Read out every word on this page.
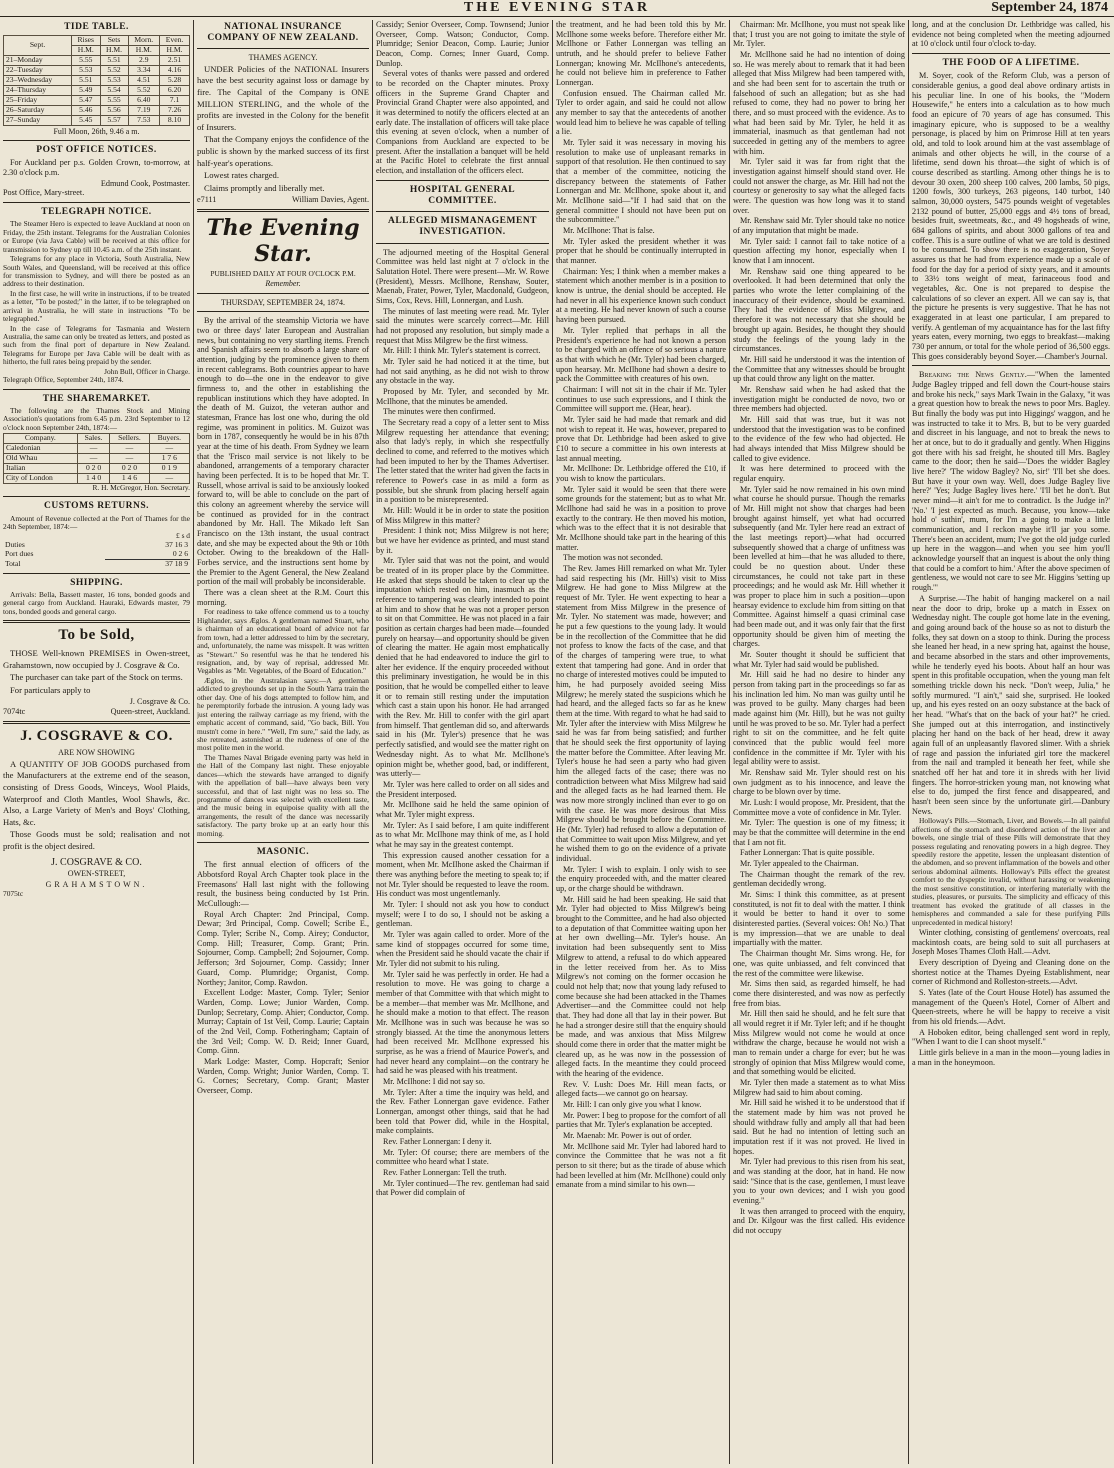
THE EVENING STAR	September 24, 1874
TIDE TABLE.
Sept.	Rises	Sets	Morn.	Even.
	H.M.	H.M.	H.M.	H.M.
21–Monday	5.55	5.51	2.9	2.51
22–Tuesday	5.53	5.52	3.34	4.16
23–Wednesday	5.51	5.53	4.51	5.28
24–Thursday	5.49	5.54	5.52	6.20
25–Friday	5.47	5.55	6.40	7.1
26–Saturday	5.46	5.56	7.19	7.26
27–Sunday	5.45	5.57	7.53	8.10
Full Moon, 26th, 9.46 a m.
POST OFFICE NOTICES.

For Auckland per p.s. Golden Crown, to-morrow, at 2.30 o'clock p.m.

Edmund Cook, Postmaster.

Post Office, Mary-street.

TELEGRAPH NOTICE.

The Steamer Hero is expected to leave Auckland at noon on Friday, the 25th instant. Telegrams for the Australian Colonies or Europe (via Java Cable) will be received at this office for transmission to Sydney up till 10.45 a.m. of the 25th instant.

Telegrams for any place in Victoria, South Australia, New South Wales, and Queensland, will be received at this office for transmission to Sydney, and will there be posted as an address to their destination.

In the first case, he will write in instructions, if to be treated as a letter, "To be posted;" in the latter, if to be telegraphed on arrival in Australia, he will state in instructions "To be telegraphed."

In the case of Telegrams for Tasmania and Western Australia, the same can only be treated as letters, and posted as such from the final port of departure in New Zealand. Telegrams for Europe per Java Cable will be dealt with as hitherto, the full rates being prepaid by the sender.

John Bull, Officer in Charge.

Telegraph Office, September 24th, 1874.

THE SHAREMARKET.

The following are the Thames Stock and Mining Association's quotations from 6.45 p.m. 23rd September to 12 o'clock noon September 24th, 1874:—

Company.	Sales.	Sellers.	Buyers.
Caledonian	—	—	—
Old Whau	—	—	1 7 6
Italian	0 2 0	0 2 0	0 1 9
City of London	1 4 0	1 4 6	—
R. H. McGregor, Hon. Secretary.
CUSTOMS RETURNS.

Amount of Revenue collected at the Port of Thames for the 24th September, 1874:—

£ s d
Duties	37 16 3
Port dues	0 2 6
Total	37 18 9
SHIPPING.

Arrivals: Bella, Bassett master, 16 tons, bonded goods and general cargo from Auckland. Hauraki, Edwards master, 79 tons, bonded goods and general cargo.

To be Sold,

THOSE Well-known PREMISES in Owen-street, Grahamstown, now occupied by J. Cosgrave & Co.

The purchaser can take part of the Stock on terms.

For particulars apply to

J. Cosgrave & Co.
7074tc	Queen-street, Auckland.
J. COSGRAVE & CO.
ARE NOW SHOWING

A QUANTITY OF JOB GOODS purchased from the Manufacturers at the extreme end of the season, consisting of Dress Goods, Winceys, Wool Plaids, Waterproof and Cloth Mantles, Wool Shawls, &c. Also, a Large Variety of Men's and Boys' Clothing, Hats, &c.

Those Goods must be sold; realisation and not profit is the object desired.

J. COSGRAVE & CO.
OWEN-STREET,
GRAHAMSTOWN.
7075tc
NATIONAL INSURANCE COMPANY OF NEW ZEALAND.
THAMES AGENCY.

UNDER Policies of the NATIONAL Insurers have the best security against loss or damage by fire. The Capital of the Company is ONE MILLION STERLING, and the whole of the profits are invested in the Colony for the benefit of Insurers.

That the Company enjoys the confidence of the public is shown by the marked success of its first half-year's operations.

Lowest rates charged.

Claims promptly and liberally met.

e7111	William Davies, Agent.
The Evening Star.
PUBLISHED DAILY AT FOUR O'CLOCK P.M.
Remember.
THURSDAY, SEPTEMBER 24, 1874.

By the arrival of the steamship Victoria we have two or three days' later European and Australian news, but containing no very startling items. French and Spanish affairs seem to absorb a large share of attention, judging by the prominence given to them in recent cablegrams. Both countries appear to have enough to do—the one in the endeavor to give firmness to, and the other in establishing the republican institutions which they have adopted. In the death of M. Guizot, the veteran author and statesman, France has lost one who, during the old regime, was prominent in politics. M. Guizot was born in 1787, consequently he would be in his 87th year at the time of his death. From Sydney we learn that the 'Frisco mail service is not likely to be abandoned, arrangements of a temporary character having been perfected. It is to be hoped that Mr. T. Russell, whose arrival is said to be anxiously looked forward to, will be able to conclude on the part of this colony an agreement whereby the service will be continued as provided for in the contract abandoned by Mr. Hall. The Mikado left San Francisco on the 13th instant, the usual contract date, and she may be expected about the 9th or 10th October. Owing to the breakdown of the Hall-Forbes service, and the instructions sent home by the Premier to the Agent General, the New Zealand portion of the mail will probably be inconsiderable.

There was a clean sheet at the R.M. Court this morning.

For readiness to take offence commend us to a touchy Highlander, says Æglos. A gentleman named Stuart, who is chairman of an educational board of advice not far from town, had a letter addressed to him by the secretary, and, unfortunately, the name was misspelt. It was written as "Stewart." So resentful was he that he tendered his resignation, and, by way of reprisal, addressed Mr. Vegables as "Mr. Vegetables, of the Board of Education."

Æglos, in the Australasian says:—A gentleman addicted to greyhounds set up in the South Yarra train the other day. One of his dogs attempted to follow him, and he peremptorily forbade the intrusion. A young lady was just entering the railway carriage as my friend, with the emphatic accent of command, said, "Go back, Bill. You mustn't come in here." "Well, I'm sure," said the lady, as she retreated, astonished at the rudeness of one of the most polite men in the world.

The Thames Naval Brigade evening party was held in the Hall of the Company last night. These enjoyable dances—which the stewards have arranged to dignify with the appellation of ball—have always been very successful, and that of last night was no less so. The programme of dances was selected with excellent taste, and the music being in equipoise quality with all the arrangements, the result of the dance was necessarily satisfactory. The party broke up at an early hour this morning.

MASONIC.

The first annual election of officers of the Abbotsford Royal Arch Chapter took place in the Freemasons' Hall last night with the following result, the business being conducted by 1st Prin. McCullough:—

Royal Arch Chapter: 2nd Principal, Comp. Dewar; 3rd Principal, Comp. Cowell; Scribe E., Comp. Tyler; Scribe N., Comp. Airey; Conductor, Comp. Hill; Treasurer, Comp. Grant; Prin. Sojourner, Comp. Campbell; 2nd Sojourner, Comp. Jefferson; 3rd Sojourner, Comp. Cassidy; Inner Guard, Comp. Plumridge; Organist, Comp. Northey; Janitor, Comp. Rawdon.

Excellent Lodge: Master, Comp. Tyler; Senior Warden, Comp. Lowe; Junior Warden, Comp. Dunlop; Secretary, Comp. Ahier; Conductor, Comp. Murray; Captain of 1st Veil, Comp. Laurie; Captain of the 2nd Veil, Comp. Fotheringham; Captain of the 3rd Veil; Comp. W. D. Reid; Inner Guard, Comp. Ginn.

Mark Lodge: Master, Comp. Hopcraft; Senior Warden, Comp. Wright; Junior Warden, Comp. T. G. Cornes; Secretary, Comp. Grant; Master Overseer, Comp.

Cassidy; Senior Overseer, Comp. Townsend; Junior Overseer, Comp. Watson; Conductor, Comp. Plumridge; Senior Deacon, Comp. Laurie; Junior Deacon, Comp. Cornes; Inner Guard, Comp. Dunlop.

Several votes of thanks were passed and ordered to be recorded on the Chapter minutes. Proxy officers in the Supreme Grand Chapter and Provincial Grand Chapter were also appointed, and it was determined to notify the officers elected at an early date. The installation of officers will take place this evening at seven o'clock, when a number of Companions from Auckland are expected to be present. After the installation a banquet will be held at the Pacific Hotel to celebrate the first annual election, and installation of the officers elect.

HOSPITAL GENERAL COMMITTEE.
ALLEGED MISMANAGEMENT INVESTIGATION.

The adjourned meeting of the Hospital General Committee was held last night at 7 o'clock in the Salutation Hotel. There were present—Mr. W. Rowe (President), Messrs. McIlhone, Renshaw, Souter, Maenab, Frater, Power, Tyler, Macdonald, Gudgeon, Sims, Cox, Revs. Hill, Lonnergan, and Lush.

The minutes of last meeting were read. Mr. Tyler said the minutes were scarcely correct—Mr. Hill had not proposed any resolution, but simply made a request that Miss Milgrew be the first witness.

Mr. Hill: I think Mr. Tyler's statement is correct.

Mr. Tyler said he had noticed it at the time, but had not said anything, as he did not wish to throw any obstacle in the way.

Proposed by Mr. Tyler, and seconded by Mr. McIlhone, that the minutes be amended.

The minutes were then confirmed.

The Secretary read a copy of a letter sent to Miss Milgrew requesting her attendance that evening; also that lady's reply, in which she respectfully declined to come, and referred to the motives which had been imputed to her by the Thames Advertiser. The letter stated that the writer had given the facts in reference to Power's case in as mild a form as possible, but she shrunk from placing herself again in a position to be misrepresented.

Mr. Hill: Would it be in order to state the position of Miss Milgrew in this matter?

President: I think not; Miss Milgrew is not here; but we have her evidence as printed, and must stand by it.

Mr. Tyler said that was not the point, and would be treated of in its proper place by the Committee. He asked that steps should be taken to clear up the imputation which rested on him, inasmuch as the reference to tampering was clearly intended to point at him and to show that he was not a proper person to sit on that Committee. He was not placed in a fair position as certain charges had been made—founded purely on hearsay—and opportunity should be given of clearing the matter. He again most emphatically denied that he had endeavored to induce the girl to alter her evidence. If the enquiry proceeded without this preliminary investigation, he would be in this position, that he would be compelled either to leave it or to remain still resting under the imputation which cast a stain upon his honor. He had arranged with the Rev. Mr. Hill to confer with the girl apart from himself. That gentleman did so, and afterwards said in his (Mr. Tyler's) presence that he was perfectly satisfied, and would see the matter right on Wednesday night. As to what Mr. McIlhone's opinion might be, whether good, bad, or indifferent, was utterly—

Mr. Tyler was here called to order on all sides and the President interposed.

Mr. McIlhone said he held the same opinion of what Mr. Tyler might express.

Mr. Tyler: As I said before, I am quite indifferent as to what Mr. McIlhone may think of me, as I hold what he may say in the greatest contempt.

This expression caused another cessation for a moment, when Mr. McIlhone asked the Chairman if there was anything before the meeting to speak to; if not Mr. Tyler should be requested to leave the room. His conduct was most ungentlemanly.

Mr. Tyler: I should not ask you how to conduct myself; were I to do so, I should not be asking a gentleman.

Mr. Tyler was again called to order. More of the same kind of stoppages occurred for some time, when the President said he should vacate the chair if Mr. Tyler did not submit to his ruling.

Mr. Tyler said he was perfectly in order. He had a resolution to move. He was going to charge a member of that Committee with that which might to be a member—that member was Mr. McIlhone, and he should make a motion to that effect. The reason Mr. McIlhone was in such was because he was so strongly biassed. At the time the anonymous letters had been received Mr. McIlhone expressed his surprise, as he was a friend of Maurice Power's, and had never heard any complaint—on the contrary he had said he was pleased with his treatment.

Mr. McIlhone: I did not say so.

Mr. Tyler: After a time the inquiry was held, and the Rev. Father Lonnergan gave evidence. Father Lonnergan, amongst other things, said that he had been told that Power did, while in the Hospital, make complaints.

Rev. Father Lonnergan: I deny it.

Mr. Tyler: Of course; there are members of the committee who heard what I state.

Rev. Father Lonnergan: Tell the truth.

Mr. Tyler continued—The rev. gentleman had said that Power did complain of

the treatment, and he had been told this by Mr. McIlhone some weeks before. Therefore either Mr. McIlhone or Father Lonnergan was telling an untruth, and he should prefer to believe Father Lonnergan; knowing Mr. McIlhone's antecedents, he could not believe him in preference to Father Lonnergan.

Confusion ensued. The Chairman called Mr. Tyler to order again, and said he could not allow any member to say that the antecedents of another would lead him to believe he was capable of telling a lie.

Mr. Tyler said it was necessary in moving his resolution to make use of unpleasant remarks in support of that resolution. He then continued to say that a member of the committee, noticing the discrepancy between the statements of Father Lonnergan and Mr. McIlhone, spoke about it, and Mr. McIlhone said—"If I had said that on the general committee I should not have been put on the subcommittee."

Mr. McIlhone: That is false.

Mr. Tyler asked the president whether it was proper that he should be continually interrupted in that manner.

Chairman: Yes; I think when a member makes a statement which another member is in a position to know is untrue, the denial should be accepted. He had never in all his experience known such conduct at a meeting. He had never known of such a course having been pursued.

Mr. Tyler replied that perhaps in all the President's experience he had not known a person to be charged with an offence of so serious a nature as that with which he (Mr. Tyler) had been charged, upon hearsay. Mr. McIlhone had shown a desire to pack the Committee with creatures of his own.

Chairman: I will not sit in the chair if Mr. Tyler continues to use such expressions, and I think the Committee will support me. (Hear, hear).

Mr. Tyler said he had made that remark and did not wish to repeat it. He was, however, prepared to prove that Dr. Lethbridge had been asked to give £10 to secure a committee in his own interests at last annual meeting.

Mr. McIlhone: Dr. Lethbridge offered the £10, if you wish to know the particulars.

Mr. Tyler said it would be seen that there were some grounds for the statement; but as to what Mr. McIlhone had said he was in a position to prove exactly to the contrary. He then moved his motion, which was to the effect that it is not desirable that Mr. McIlhone should take part in the hearing of this matter.

The motion was not seconded.

The Rev. James Hill remarked on what Mr. Tyler had said respecting his (Mr. Hill's) visit to Miss Milgrew. He had gone to Miss Milgrew at the request of Mr. Tyler. He went expecting to hear a statement from Miss Milgrew in the presence of Mr. Tyler. No statement was made, however; and he put a few questions to the young lady. It would be in the recollection of the Committee that he did not profess to know the facts of the case, and that of the charges of tampering were true, to what extent that tampering had gone. And in order that no charge of interested motives could be imputed to him, he had purposely avoided seeing Miss Milgrew; he merely stated the suspicions which he had heard, and the alleged facts so far as he knew them at the time. With regard to what he had said to Mr. Tyler after the interview with Miss Milgrew he said he was far from being satisfied; and further that he should seek the first opportunity of laying the matter before the Committee. After leaving Mr. Tyler's house he had seen a party who had given him the alleged facts of the case; there was no contradiction between what Miss Milgrew had said and the alleged facts as he had learned them. He was now more strongly inclined than ever to go on with the case. He was more desirous that Miss Milgrew should be brought before the Committee. He (Mr. Tyler) had refused to allow a deputation of that Committee to wait upon Miss Milgrew, and yet he wished them to go on the evidence of a private individual.

Mr. Tyler: I wish to explain. I only wish to see the enquiry proceeded with, and the matter cleared up, or the charge should be withdrawn.

Mr. Hill said he had been speaking. He said that Mr. Tyler had objected to Miss Milgrew's being brought to the Committee, and he had also objected to a deputation of that Committee waiting upon her at her own dwelling—Mr. Tyler's house. An invitation had been subsequently sent to Miss Milgrew to attend, a refusal to do which appeared in the letter received from her. As to Miss Milgrew's not coming on the former occasion he could not help that; now that young lady refused to come because she had been attacked in the Thames Advertiser—and the Committee could not help that. They had done all that lay in their power. But he had a stronger desire still that the enquiry should be made, and was anxious that Miss Milgrew should come there in order that the matter might be cleared up, as he was now in the possession of alleged facts. In the meantime they could proceed with the hearing of the evidence.

Rev. V. Lush: Does Mr. Hill mean facts, or alleged facts—we cannot go on hearsay.

Mr. Hill: I can only give you what I know.

Mr. Power: I beg to propose for the comfort of all parties that Mr. Tyler's explanation be accepted.

Mr. Maenab: Mr. Power is out of order.

Mr. McIlhone said Mr. Tyler had labored hard to convince the Committee that he was not a fit person to sit there; but as the tirade of abuse which had been levelled at him (Mr. McIlhone) could only emanate from a mind similar to his own—

Chairman: Mr. McIlhone, you must not speak like that; I trust you are not going to imitate the style of Mr. Tyler.

Mr. McIlhone said he had no intention of doing so. He was merely about to remark that it had been alleged that Miss Milgrew had been tampered with, and she had been sent for to ascertain the truth or falsehood of such an allegation; but as she had refused to come, they had no power to bring her there, and so must proceed with the evidence. As to what had been said by Mr. Tyler, he held it as immaterial, inasmuch as that gentleman had not succeeded in getting any of the members to agree with him.

Mr. Tyler said it was far from right that the investigation against himself should stand over. He could not answer the charge, as Mr. Hill had not the courtesy or generosity to say what the alleged facts were. The question was how long was it to stand over.

Mr. Renshaw said Mr. Tyler should take no notice of any imputation that might be made.

Mr. Tyler said: I cannot fail to take notice of a question affecting my honor, especially when I know that I am innocent.

Mr. Renshaw said one thing appeared to be overlooked. It had been determined that only the parties who wrote the letter complaining of the inaccuracy of their evidence, should be examined. They had the evidence of Miss Milgrew, and therefore it was not necessary that she should be brought up again. Besides, he thought they should study the feelings of the young lady in the circumstances.

Mr. Hill said he understood it was the intention of the Committee that any witnesses should be brought up that could throw any light on the matter.

Mr. Renshaw said when he had asked that the investigation might be conducted de novo, two or three members had objected.

Mr. Hill said that was true, but it was not understood that the investigation was to be confined to the evidence of the few who had objected. He had always intended that Miss Milgrew should be called to give evidence.

It was here determined to proceed with the regular enquiry.

Mr. Tyler said he now remained in his own mind what course he should pursue. Though the remarks of Mr. Hill might not show that charges had been brought against himself, yet what had occurred subsequently (and Mr. Tyler here read an extract of the last meetings report)—what had occurred subsequently showed that a charge of unfitness was been levelled at him—that he was alluded to there, could be no question about. Under these circumstances, he could not take part in these proceedings; and he would ask Mr. Hill whether it was proper to place him in such a position—upon hearsay evidence to exclude him from sitting on that Committee. Against himself a quasi criminal case had been made out, and it was only fair that the first opportunity should be given him of meeting the charges.

Mr. Souter thought it should be sufficient that what Mr. Tyler had said would be published.

Mr. Hill said he had no desire to hinder any person from taking part in the proceedings so far as his inclination led him. No man was guilty until he was proved to be guilty. Many charges had been made against him (Mr. Hill), but he was not guilty until he was proved to be so. Mr. Tyler had a perfect right to sit on the committee, and he felt quite convinced that the public would feel more confidence in the committee if Mr. Tyler with his legal ability were to assist.

Mr. Renshaw said Mr. Tyler should rest on his own judgment as to his innocence, and leave the charge to be blown over by time.

Mr. Lush: I would propose, Mr. President, that the Committee move a vote of confidence in Mr. Tyler.

Mr. Tyler: The question is one of my fitness; it may be that the committee will determine in the end that I am not fit.

Father Lonnergan: That is quite possible.

Mr. Tyler appealed to the Chairman.

The Chairman thought the remark of the rev. gentleman decidedly wrong.

Mr. Sims: I think this committee, as at present constituted, is not fit to deal with the matter. I think it would be better to hand it over to some disinterested parties. (Several voices: Oh! No.) That is my impression—that we are unable to deal impartially with the matter.

The Chairman thought Mr. Sims wrong. He, for one, was quite unbiassed, and felt convinced that the rest of the committee were likewise.

Mr. Sims then said, as regarded himself, he had come there disinterested, and was now as perfectly free from bias.

Mr. Hill then said he should, and he felt sure that all would regret it if Mr. Tyler left; and if he thought Miss Milgrew would not come he would at once withdraw the charge, because he would not wish a man to remain under a charge for ever; but he was strongly of opinion that Miss Milgrew would come, and that something would be elicited.

Mr. Tyler then made a statement as to what Miss Milgrew had said to him about coming.

Mr. Hill said he wished it to be understood that if the statement made by him was not proved he should withdraw fully and amply all that had been said. But he had no intention of letting such an imputation rest if it was not proved. He lived in hopes.

Mr. Tyler had previous to this risen from his seat, and was standing at the door, hat in hand. He now said: "Since that is the case, gentlemen, I must leave you to your own devices; and I wish you good evening."

It was then arranged to proceed with the enquiry, and Dr. Kilgour was the first called. His evidence did not occupy

long, and at the conclusion Dr. Lethbridge was called, his evidence not being completed when the meeting adjourned at 10 o'clock until four o'clock to-day.

THE FOOD OF A LIFETIME.

M. Soyer, cook of the Reform Club, was a person of considerable genius, a good deal above ordinary artists in his peculiar line. In one of his books, the "Modern Housewife," he enters into a calculation as to how much food an epicure of 70 years of age has consumed. This imaginary epicure, who is supposed to be a wealthy personage, is placed by him on Primrose Hill at ten years old, and told to look around him at the vast assemblage of animals and other objects he will, in the course of a lifetime, send down his throat—the sight of which is of course described as startling. Among other things he is to devour 30 oxen, 200 sheep 100 calves, 200 lambs, 50 pigs, 1200 fowls, 300 turkeys, 263 pigeons, 140 turbot, 140 salmon, 30,000 oysters, 5475 pounds weight of vegetables 2132 pound of butter, 25,000 eggs and 4½ tons of bread, besides fruit, sweetmeats, &c., and 49 hogsheads of wine, 684 gallons of spirits, and about 3000 gallons of tea and coffee. This is a sure outline of what we are told is destined to be consumed. To show there is no exaggeration, Soyer assures us that he had from experience made up a scale of food for the day for a period of sixty years, and it amounts to 33½ tons weight of meat, farinaceous food and vegetables, &c. One is not prepared to despise the calculations of so clever an expert. All we can say is, that the picture he presents is very suggestive. That he has not exaggerated in at least one particular, I am prepared to verify. A gentleman of my acquaintance has for the last fifty years eaten, every morning, two eggs to breakfast—making 730 per annum, or total for the whole period of 36,500 eggs. This goes considerably beyond Soyer.—Chamber's Journal.

Breaking the News Gently.—"When the lamented Judge Bagley tripped and fell down the Court-house stairs and broke his neck," says Mark Twain in the Galaxy, "it was a great question how to break the news to poor Mrs. Bagley. But finally the body was put into Higgings' waggon, and he was instructed to take it to Mrs. B, but to be very guarded and discreet in his language, and not to break the news to her at once, but to do it gradually and gently. When Higgins got there with his sad freight, he shouted till Mrs. Bagley came to the door; then he said—'Does the widder Bagley live here?' 'The widow Bagley? No, sir!' 'I'll bet she does. But have it your own way. Well, does Judge Bagley live here?' 'Yes; Judge Bagley lives here.' 'I'll bet he don't. But never mind—it ain't for me to contradict. Is the Judge in?' 'No.' 'I jest expected as much. Because, you know—take hold o' suthin', mum, for I'm a going to make a little communication, and I reckon maybe it'll jar you some. There's been an accident, mum; I've got the old judge curled up here in the waggon—and when you see him you'll acknowledge yourself that an inquest is about the only thing that could be a comfort to him.' After the above specimen of gentleness, we would not care to see Mr. Higgins 'setting up rough.'"

A Surprise.—The habit of hanging mackerel on a nail near the door to drip, broke up a match in Essex on Wednesday night. The couple got home late in the evening, and going around back of the house so as not to disturb the folks, they sat down on a stoop to think. During the process she leaned her head, in a new spring hat, against the house, and became absorbed in the stars and other improvements, while he tenderly eyed his boots. About half an hour was spent in this profitable occupation, when the young man felt something trickle down his neck. "Don't weep, Julia," he softly murmured. "I ain't," said she, surprised. He looked up, and his eyes rested on an oozy substance at the back of her head. "What's that on the back of your hat?" he cried. She jumped out at this interrogation, and instinctively placing her hand on the back of her head, drew it away again full of an unpleasantly flavored slimer. With a shriek of rage and passion the infuriated girl tore the mackerel from the nail and trampled it beneath her feet, while she snatched off her hat and tore it in shreds with her livid fingers. The horror-stricken young man, not knowing what else to do, jumped the first fence and disappeared, and hasn't been seen since by the unfortunate girl.—Danbury News.

Holloway's Pills.—Stomach, Liver, and Bowels.—In all painful affections of the stomach and disordered action of the liver and bowels, one single trial of these Pills will demonstrate that they possess regulating and renovating powers in a high degree. They speedily restore the appetite, lessen the unpleasant distention of the abdomen, and so prevent inflammation of the bowels and other serious abdominal ailments. Holloway's Pills effect the greatest comfort to the dyspeptic invalid, without harassing or weakening the most sensitive constitution, or interfering materially with the studies, pleasures, or pursuits. The simplicity and efficacy of this treatment has evoked the gratitude of all classes in the hemispheres and commanded a sale for these purifying Pills unprecedented in medical history!

Winter clothing, consisting of gentlemens' overcoats, real mackintosh coats, are being sold to suit all purchasers at Joseph Moses Thames Cloth Hall.—Advt.

Every description of Dyeing and Cleaning done on the shortest notice at the Thames Dyeing Establishment, near corner of Richmond and Rolleston-streets.—Advt.

S. Yates (late of the Court House Hotel) has assumed the management of the Queen's Hotel, Corner of Albert and Queen-streets, where he will be happy to receive a visit from his old friends.—Advt.

A Hoboken editor, being challenged sent word in reply, "When I want to die I can shoot myself."

Little girls believe in a man in the moon—young ladies in a man in the honeymoon.
